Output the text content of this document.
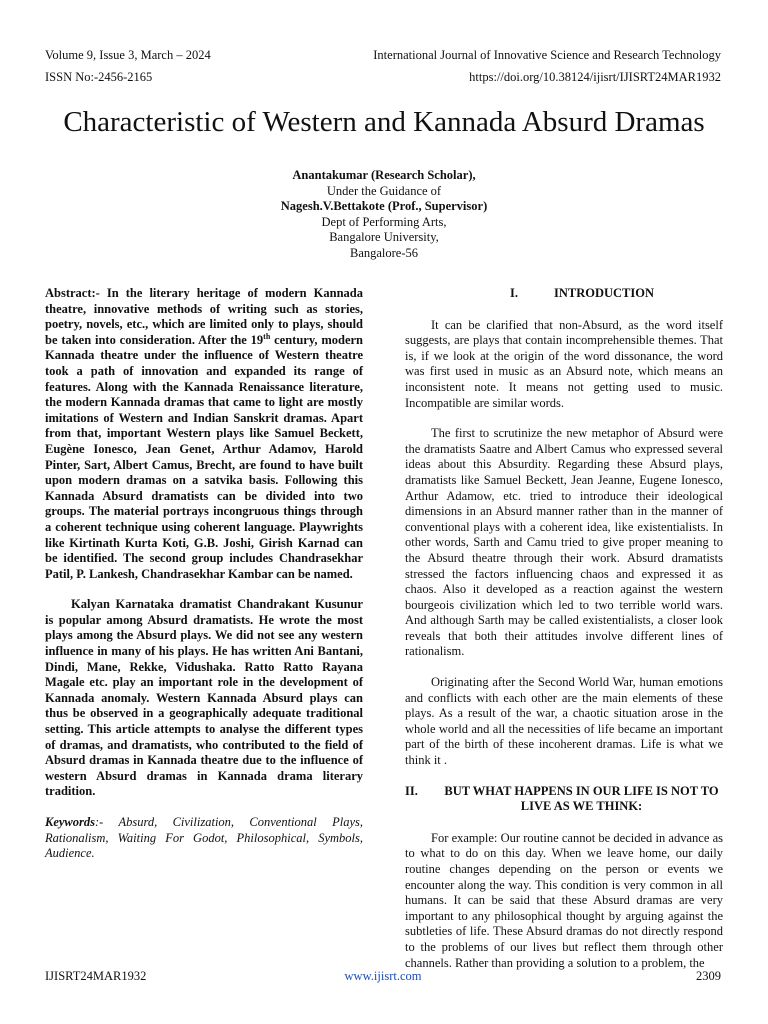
Volume 9, Issue 3, March – 2024	International Journal of Innovative Science and Research Technology
ISSN No:-2456-2165	https://doi.org/10.38124/ijisrt/IJISRT24MAR1932
Characteristic of Western and Kannada Absurd Dramas
Anantakumar (Research Scholar),
Under the Guidance of
Nagesh.V.Bettakote (Prof., Supervisor)
Dept of Performing Arts,
Bangalore University,
Bangalore-56

Abstract:- In the literary heritage of modern Kannada theatre, innovative methods of writing such as stories, poetry, novels, etc., which are limited only to plays, should be taken into consideration. After the 19th century, modern Kannada theatre under the influence of Western theatre took a path of innovation and expanded its range of features. Along with the Kannada Renaissance literature, the modern Kannada dramas that came to light are mostly imitations of Western and Indian Sanskrit dramas. Apart from that, important Western plays like Samuel Beckett, Eugène Ionesco, Jean Genet, Arthur Adamov, Harold Pinter, Sart, Albert Camus, Brecht, are found to have built upon modern dramas on a satvika basis. Following this Kannada Absurd dramatists can be divided into two groups. The material portrays incongruous things through a coherent technique using coherent language. Playwrights like Kirtinath Kurta Koti, G.B. Joshi, Girish Karnad can be identified. The second group includes Chandrasekhar Patil, P. Lankesh, Chandrasekhar Kambar can be named.

Kalyan Karnataka dramatist Chandrakant Kusunur is popular among Absurd dramatists. He wrote the most plays among the Absurd plays. We did not see any western influence in many of his plays. He has written Ani Bantani, Dindi, Mane, Rekke, Vidushaka. Ratto Ratto Rayana Magale etc. play an important role in the development of Kannada anomaly. Western Kannada Absurd plays can thus be observed in a geographically adequate traditional setting. This article attempts to analyse the different types of dramas, and dramatists, who contributed to the field of Absurd dramas in Kannada theatre due to the influence of western Absurd dramas in Kannada drama literary tradition.

Keywords:- Absurd, Civilization, Conventional Plays, Rationalism, Waiting For Godot, Philosophical, Symbols, Audience.

I.	INTRODUCTION

It can be clarified that non-Absurd, as the word itself suggests, are plays that contain incomprehensible themes. That is, if we look at the origin of the word dissonance, the word was first used in music as an Absurd note, which means an inconsistent note. It means not getting used to music. Incompatible are similar words.

The first to scrutinize the new metaphor of Absurd were the dramatists Saatre and Albert Camus who expressed several ideas about this Absurdity. Regarding these Absurd plays, dramatists like Samuel Beckett, Jean Jeanne, Eugene Ionesco, Arthur Adamow, etc. tried to introduce their ideological dimensions in an Absurd manner rather than in the manner of conventional plays with a coherent idea, like existentialists. In other words, Sarth and Camu tried to give proper meaning to the Absurd theatre through their work. Absurd dramatists stressed the factors influencing chaos and expressed it as chaos. Also it developed as a reaction against the western bourgeois civilization which led to two terrible world wars. And although Sarth may be called existentialists, a closer look reveals that both their attitudes involve different lines of rationalism.

Originating after the Second World War, human emotions and conflicts with each other are the main elements of these plays. As a result of the war, a chaotic situation arose in the whole world and all the necessities of life became an important part of the birth of these incoherent dramas. Life is what we think it .

II.	BUT WHAT HAPPENS IN OUR LIFE IS NOT TO LIVE AS WE THINK:

For example: Our routine cannot be decided in advance as to what to do on this day. When we leave home, our daily routine changes depending on the person or events we encounter along the way. This condition is very common in all humans. It can be said that these Absurd dramas are very important to any philosophical thought by arguing against the subtleties of life. These Absurd dramas do not directly respond to the problems of our lives but reflect them through other channels. Rather than providing a solution to a problem, the

IJISRT24MAR1932	www.ijisrt.com	2309
